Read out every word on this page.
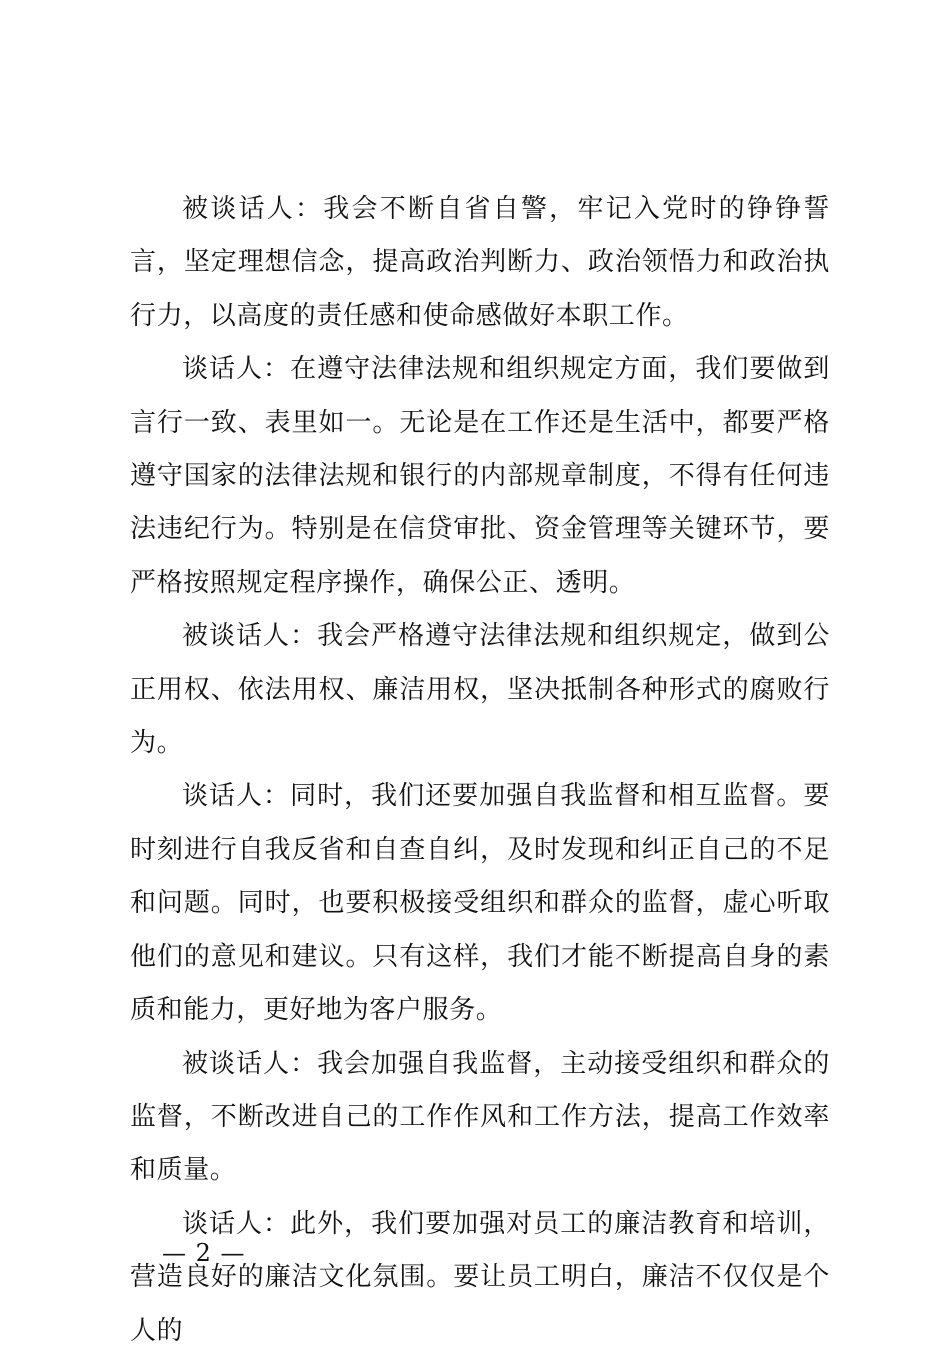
被谈话人：我会不断自省自警，牢记入党时的铮铮誓言，坚定理想信念，提高政治判断力、政治领悟力和政治执行力，以高度的责任感和使命感做好本职工作。

谈话人：在遵守法律法规和组织规定方面，我们要做到言行一致、表里如一。无论是在工作还是生活中，都要严格遵守国家的法律法规和银行的内部规章制度，不得有任何违法违纪行为。特别是在信贷审批、资金管理等关键环节，要严格按照规定程序操作，确保公正、透明。

被谈话人：我会严格遵守法律法规和组织规定，做到公正用权、依法用权、廉洁用权，坚决抵制各种形式的腐败行为。

谈话人：同时，我们还要加强自我监督和相互监督。要时刻进行自我反省和自查自纠，及时发现和纠正自己的不足和问题。同时，也要积极接受组织和群众的监督，虚心听取他们的意见和建议。只有这样，我们才能不断提高自身的素质和能力，更好地为客户服务。

被谈话人：我会加强自我监督，主动接受组织和群众的监督，不断改进自己的工作作风和工作方法，提高工作效率和质量。

谈话人：此外，我们要加强对员工的廉洁教育和培训，营造良好的廉洁文化氛围。要让员工明白，廉洁不仅仅是个人的

— 2 —
